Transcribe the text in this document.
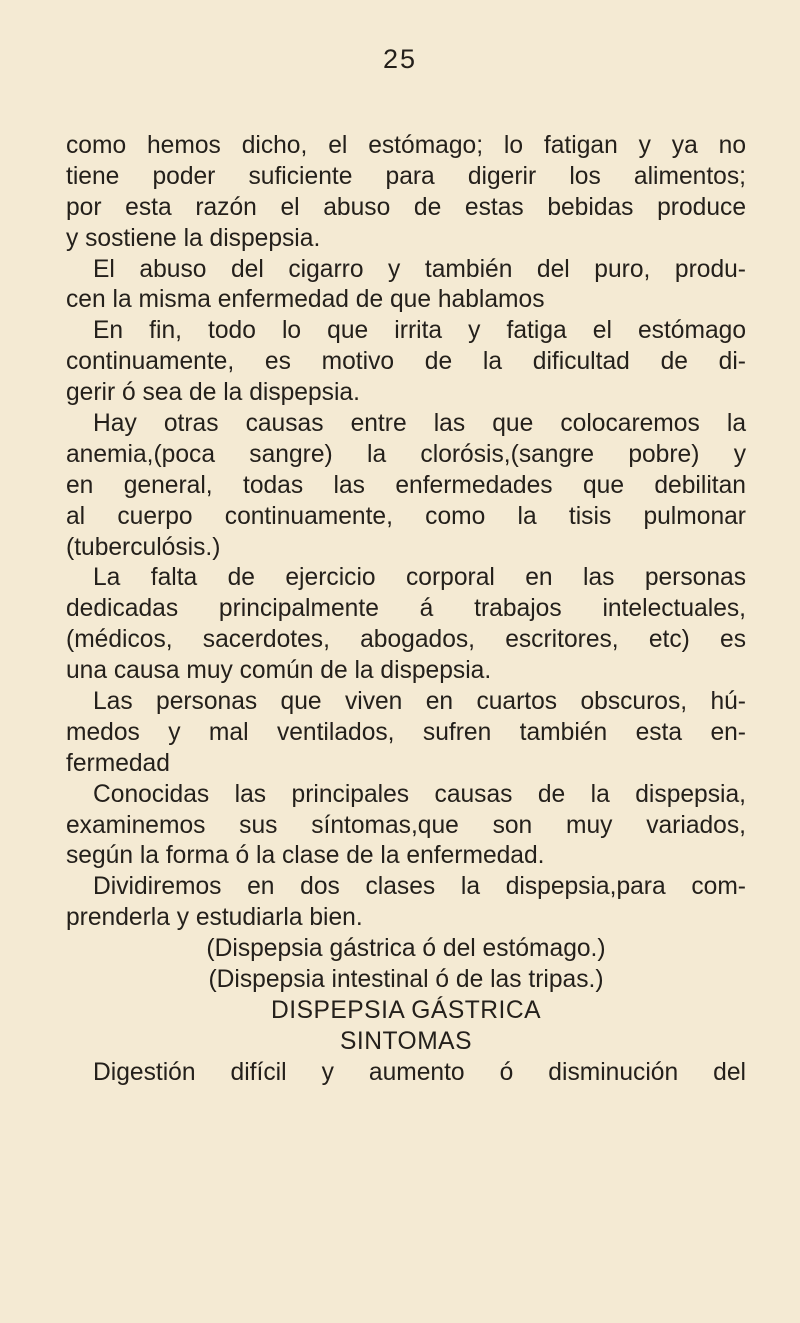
25
como hemos dicho, el estómago; lo fatigan y ya no
tiene poder suficiente para digerir los alimentos;
por esta razón el abuso de estas bebidas produce
y sostiene la dispepsia.
El abuso del cigarro y también del puro, produ-
cen la misma enfermedad de que hablamos
En fin, todo lo que irrita y fatiga el estómago
continuamente, es motivo de la dificultad de di-
gerir ó sea de la dispepsia.
Hay otras causas entre las que colocaremos la
anemia,(poca sangre) la clorósis,(sangre pobre) y
en general, todas las enfermedades que debilitan
al cuerpo continuamente, como la tisis pulmonar
(tuberculósis.)
La falta de ejercicio corporal en las personas
dedicadas principalmente á trabajos intelectuales,
(médicos, sacerdotes, abogados, escritores, etc) es
una causa muy común de la dispepsia.
Las personas que viven en cuartos obscuros, hú-
medos y mal ventilados, sufren también esta en-
fermedad
Conocidas las principales causas de la dispepsia,
examinemos sus síntomas,que son muy variados,
según la forma ó la clase de la enfermedad.
Dividiremos en dos clases la dispepsia,para com-
prenderla y estudiarla bien.
(Dispepsia gástrica ó del estómago.)
(Dispepsia intestinal ó de las tripas.)
DISPEPSIA GÁSTRICA
SINTOMAS
Digestión difícil y aumento ó disminución del
